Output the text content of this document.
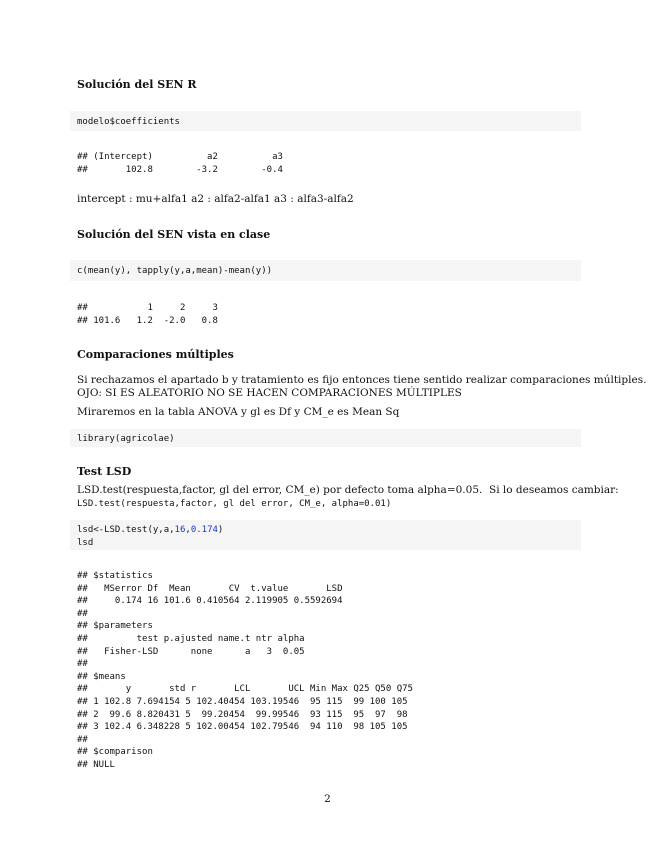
Solución del SEN R
modelo$coefficients
## (Intercept)          a2          a3
##       102.8        -3.2        -0.4
intercept : mu+alfa1 a2 : alfa2-alfa1 a3 : alfa3-alfa2
Solución del SEN vista en clase
c(mean(y), tapply(y,a,mean)-mean(y))
##           1     2     3
## 101.6   1.2  -2.0   0.8
Comparaciones múltiples
Si rechazamos el apartado b y tratamiento es fijo entonces tiene sentido realizar comparaciones múltiples.
OJO: SI ES ALEATORIO NO SE HACEN COMPARACIONES MÚLTIPLES
Miraremos en la tabla ANOVA y gl es Df y CM_e es Mean Sq
library(agricolae)
Test LSD
LSD.test(respuesta,factor, gl del error, CM_e) por defecto toma alpha=0.05.  Si lo deseamos cambiar:
LSD.test(respuesta,factor, gl del error, CM_e, alpha=0.01)
lsd<-LSD.test(y,a,16,0.174)
lsd
## $statistics
##   MSerror Df  Mean       CV  t.value       LSD
##     0.174 16 101.6 0.410564 2.119905 0.5592694
##
## $parameters
##         test p.ajusted name.t ntr alpha
##   Fisher-LSD      none      a   3  0.05
##
## $means
##       y       std r       LCL       UCL Min Max Q25 Q50 Q75
## 1 102.8 7.694154 5 102.40454 103.19546  95 115  99 100 105
## 2  99.6 8.820431 5  99.20454  99.99546  93 115  95  97  98
## 3 102.4 6.348228 5 102.00454 102.79546  94 110  98 105 105
##
## $comparison
## NULL
2
